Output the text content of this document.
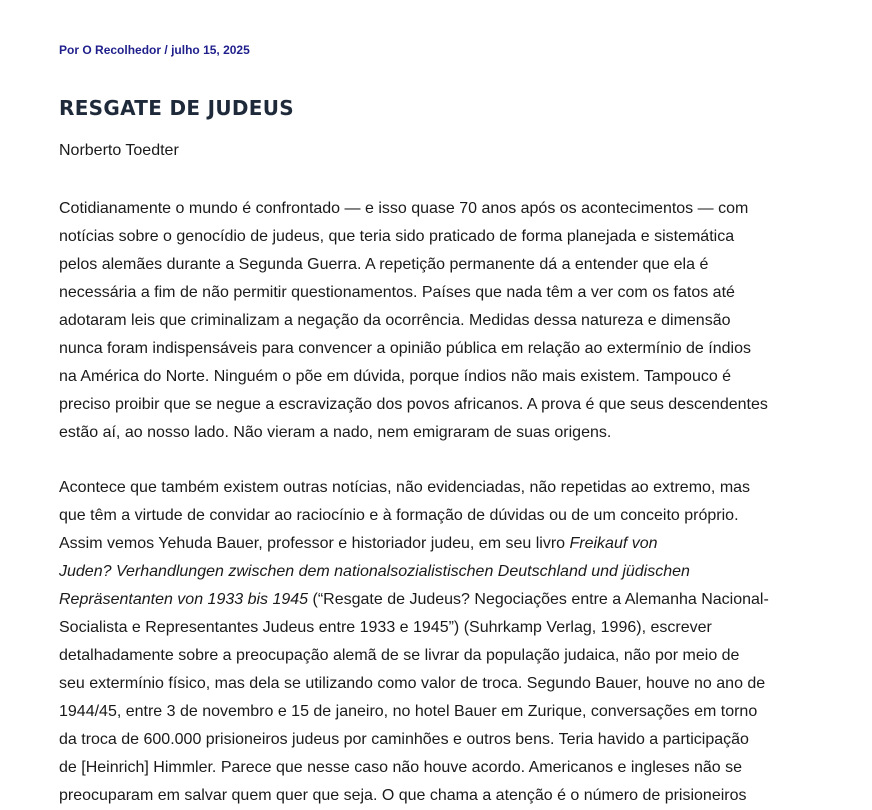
Por O Recolhedor / julho 15, 2025
RESGATE DE JUDEUS

Norberto Toedter

Cotidianamente o mundo é confrontado — e isso quase 70 anos após os acontecimentos — com
notícias sobre o genocídio de judeus, que teria sido praticado de forma planejada e sistemática
pelos alemães durante a Segunda Guerra. A repetição permanente dá a entender que ela é
necessária a fim de não permitir questionamentos. Países que nada têm a ver com os fatos até
adotaram leis que criminalizam a negação da ocorrência. Medidas dessa natureza e dimensão
nunca foram indispensáveis para convencer a opinião pública em relação ao extermínio de índios
na América do Norte. Ninguém o põe em dúvida, porque índios não mais existem. Tampouco é
preciso proibir que se negue a escravização dos povos africanos. A prova é que seus descendentes
estão aí, ao nosso lado. Não vieram a nado, nem emigraram de suas origens.

Acontece que também existem outras notícias, não evidenciadas, não repetidas ao extremo, mas
que têm a virtude de convidar ao raciocínio e à formação de dúvidas ou de um conceito próprio.
Assim vemos Yehuda Bauer, professor e historiador judeu, em seu livro Freikauf von
Juden? Verhandlungen zwischen dem nationalsozialistischen Deutschland und jüdischen
Repräsentanten von 1933 bis 1945 (“Resgate de Judeus? Negociações entre a Alemanha Nacional-
Socialista e Representantes Judeus entre 1933 e 1945”) (Suhrkamp Verlag, 1996), escrever
detalhadamente sobre a preocupação alemã de se livrar da população judaica, não por meio de
seu extermínio físico, mas dela se utilizando como valor de troca. Segundo Bauer, houve no ano de
1944/45, entre 3 de novembro e 15 de janeiro, no hotel Bauer em Zurique, conversações em torno
da troca de 600.000 prisioneiros judeus por caminhões e outros bens. Teria havido a participação
de [Heinrich] Himmler. Parece que nesse caso não houve acordo. Americanos e ingleses não se
preocuparam em salvar quem quer que seja. O que chama a atenção é o número de prisioneiros
